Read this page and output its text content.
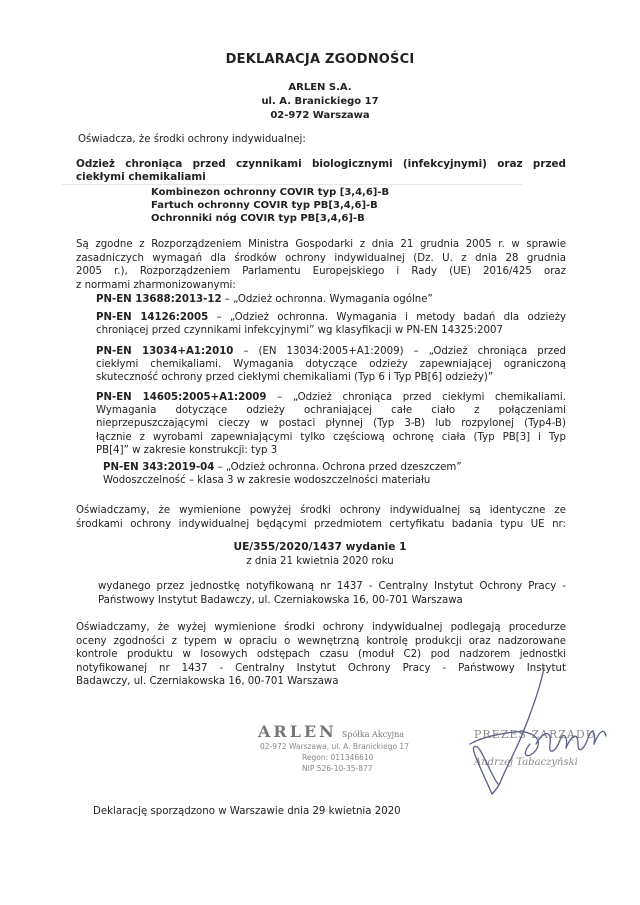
DEKLARACJA ZGODNOŚCI
ARLEN S.A.
ul. A. Branickiego 17
02-972 Warszawa
Oświadcza, że środki ochrony indywidualnej:
Odzież chroniąca przed czynnikami biologicznymi (infekcyjnymi) oraz przed
ciekłymi chemikaliami
Kombinezon ochronny COVIR typ [3,4,6]-B
Fartuch ochronny COVIR typ PB[3,4,6]-B
Ochronniki nóg COVIR typ PB[3,4,6]-B
Są zgodne z Rozporządzeniem Ministra Gospodarki z dnia 21 grudnia 2005 r. w sprawie
zasadniczych wymagań dla środków ochrony indywidualnej (Dz. U. z dnia 28 grudnia
2005 r.), Rozporządzeniem Parlamentu Europejskiego i Rady (UE) 2016/425 oraz
z normami zharmonizowanymi:
PN-EN 13688:2013-12 – „Odzież ochronna. Wymagania ogólne”
PN-EN 14126:2005 – „Odzież ochronna. Wymagania i metody badań dla odzieży
chroniącej przed czynnikami infekcyjnymi” wg klasyfikacji w PN-EN 14325:2007
PN-EN 13034+A1:2010 – (EN 13034:2005+A1:2009) – „Odzież chroniąca przed
ciekłymi chemikaliami. Wymagania dotyczące odzieży zapewniającej ograniczoną
skuteczność ochrony przed ciekłymi chemikaliami (Typ 6 i Typ PB[6] odzieży)”
PN-EN 14605:2005+A1:2009 – „Odzież chroniąca przed ciekłymi chemikaliami.
Wymagania dotyczące odzieży ochraniającej całe ciało z połączeniami
nieprzepuszczającymi cieczy w postaci płynnej (Typ 3-B) lub rozpylonej (Typ4-B)
łącznie z wyrobami zapewniającymi tylko częściową ochronę ciała (Typ PB[3] i Typ
PB[4]” w zakresie konstrukcji: typ 3
PN-EN 343:2019-04 – „Odzież ochronna. Ochrona przed dzeszczem”
Wodoszczelność – klasa 3 w zakresie wodoszczelności materiału
Oświadczamy, że wymienione powyżej środki ochrony indywidualnej są identyczne ze
środkami ochrony indywidualnej będącymi przedmiotem certyfikatu badania typu UE nr:
UE/355/2020/1437 wydanie 1
z dnia 21 kwietnia 2020 roku
wydanego przez jednostkę notyfikowaną nr 1437 - Centralny Instytut Ochrony Pracy -
Państwowy Instytut Badawczy, ul. Czerniakowska 16, 00-701 Warszawa
Oświadczamy, że wyżej wymienione środki ochrony indywidualnej podlegają procedurze
oceny zgodności z typem w opraciu o wewnętrzną kontrolę produkcji oraz nadzorowane
kontrole produktu w losowych odstępach czasu (moduł C2) pod nadzorem jednostki
notyfikowanej nr 1437 - Centralny Instytut Ochrony Pracy - Państwowy Instytut
Badawczy, ul. Czerniakowska 16, 00-701 Warszawa
ARLEN Spółka Akcyjna
02-972 Warszawa, ul. A. Branickiego 17
Regon: 011346610
NIP 526-10-35-877
PREZES ZARZĄDU
Andrzej Tabaczyński
Deklarację sporządzono w Warszawie dnia 29 kwietnia 2020
